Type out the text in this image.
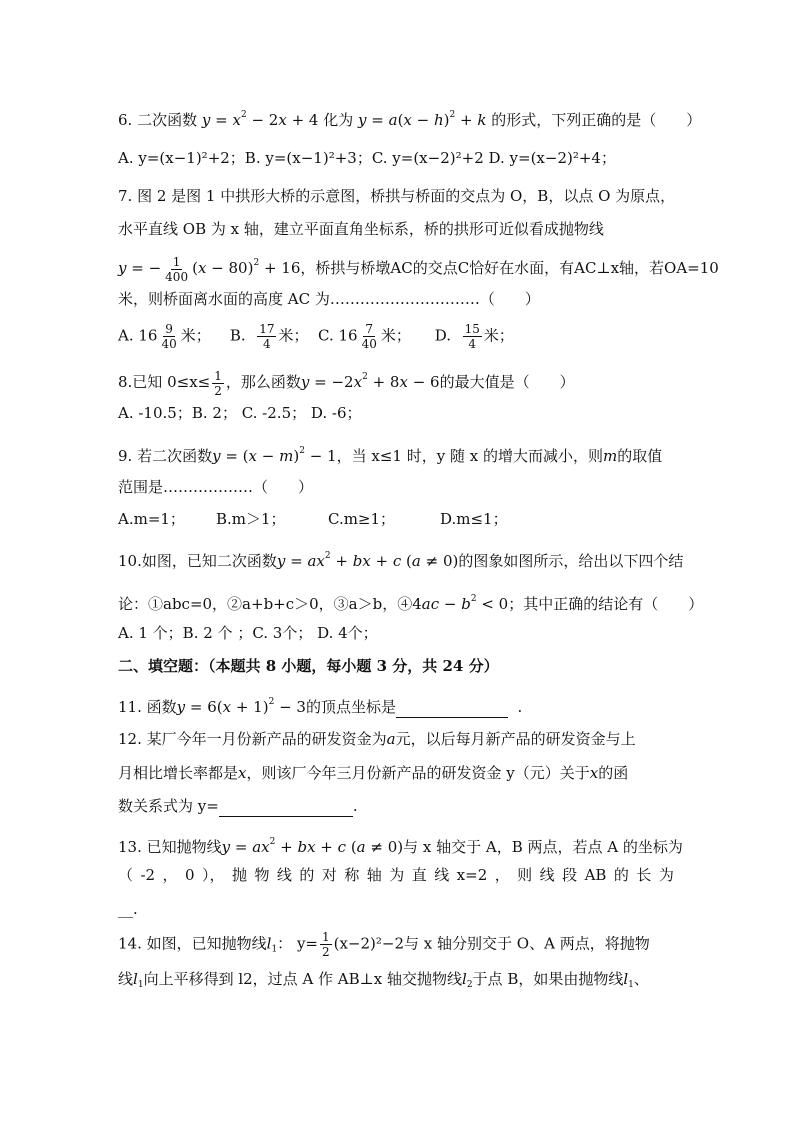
6. 二次函数 $y = x^2 - 2x + 4$ 化为 $y = a(x - h)^2 + k$ 的形式，下列正确的是（　　）
A. y=(x−1)²+2；B. y=(x−1)²+3；C. y=(x−2)²+2 D. y=(x−2)²+4；
7. 图 2 是图 1 中拱形大桥的示意图，桥拱与桥面的交点为 O，B，以点 O 为原点，
水平直线 OB 为 x 轴，建立平面直角坐标系，桥的拱形可近似看成抛物线
y = − $\frac{1}{400} (x - 80)^2 + 16$，桥拱与桥墩AC的交点C恰好在水面，有AC⊥x轴，若OA=10
米，则桥面离水面的高度 AC 为…………………………（　　）
A. $16 \frac{9}{40}$ 米； B. $\frac{17}{4}$ 米； C. $16 \frac{7}{40}$ 米； D. $\frac{15}{4}$ 米；
8.已知 $0\le x\le \frac{1}{2}$ ，那么函数$y = -2x^2 + 8x - 6$的最大值是（　　）
A. -10.5；B. 2； C. -2.5； D. -6；
9. 若二次函数$y = (x - m)^2 - 1$，当 x≤1 时，y 随 x 的增大而减小，则m的取值
范围是………………（　　）
A.m=1； B.m＞1；	C.m≥1；	D.m≤1；
10.如图，已知二次函数$y = ax^2$ + bx + c (a ≠ 0)的图象如图所示，给出以下四个结
论：①abc=0，②a+b+c＞0，③a＞b，④4ac − $b^2 < 0$；其中正确的结论有（　　）
A. 1 个；B. 2 个 ；C. 3个； D. 4个；
二、填空题：（本题共 8 小题，每小题 3 分，共 24 分）
11. 函数$y = 6(x + 1)^2 - 3$的顶点坐标是	.
12. 某厂今年一月份新产品的研发资金为a元，以后每月新产品的研发资金与上
月相比增长率都是x，则该厂今年三月份新产品的研发资金 y（元）关于x的函
数关系式为 y=	.
13. 已知抛物线$y = ax^2$ + bx + c (a ≠ 0)与 x 轴交于 A，B 两点，若点 A 的坐标为
（ -2 ， 0 ）， 抛 物 线 的 对 称 轴 为 直 线 x=2 ， 则 线 段 AB 的 长 为
__.
14. 如图，已知抛物线$l_1$： $y= \frac{1}{2} (x-2)^2-2$与 x 轴分别交于 O、A 两点，将抛物
线$l_1$向上平移得到 l2，过点 A 作 AB⊥x 轴交抛物线$l_2$于点 B，如果由抛物线$l_1$、
